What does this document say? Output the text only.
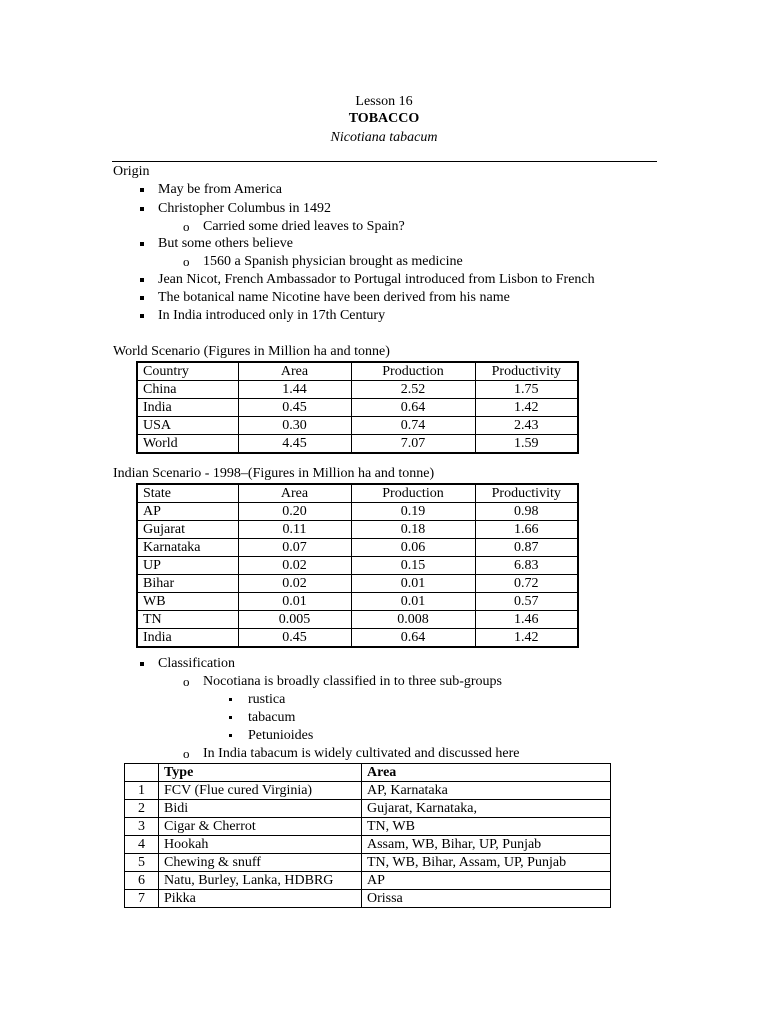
Lesson 16
TOBACCO
Nicotiana tabacum
Origin
May be from America
Christopher Columbus in 1492
o Carried some dried leaves to Spain?
But some others believe
o 1560 a Spanish physician brought as medicine
Jean Nicot, French Ambassador to Portugal introduced from Lisbon to French
The botanical name Nicotine have been derived from his name
In India introduced only in 17th Century
World Scenario (Figures in Million ha and tonne)
Country	Area	Production	Productivity
China	1.44	2.52	1.75
India	0.45	0.64	1.42
USA	0.30	0.74	2.43
World	4.45	7.07	1.59
Indian Scenario - 1998–(Figures in Million ha and tonne)
State	Area	Production	Productivity
AP	0.20	0.19	0.98
Gujarat	0.11	0.18	1.66
Karnataka	0.07	0.06	0.87
UP	0.02	0.15	6.83
Bihar	0.02	0.01	0.72
WB	0.01	0.01	0.57
TN	0.005	0.008	1.46
India	0.45	0.64	1.42
Classification
o Nocotiana is broadly classified in to three sub-groups
rustica
tabacum
Petunioides
o In India tabacum is widely cultivated and discussed here
	Type	Area
1	FCV (Flue cured Virginia)	AP, Karnataka
2	Bidi	Gujarat, Karnataka,
3	Cigar & Cherrot	TN, WB
4	Hookah	Assam, WB, Bihar, UP, Punjab
5	Chewing & snuff	TN, WB, Bihar, Assam, UP, Punjab
6	Natu, Burley, Lanka, HDBRG	AP
7	Pikka	Orissa
